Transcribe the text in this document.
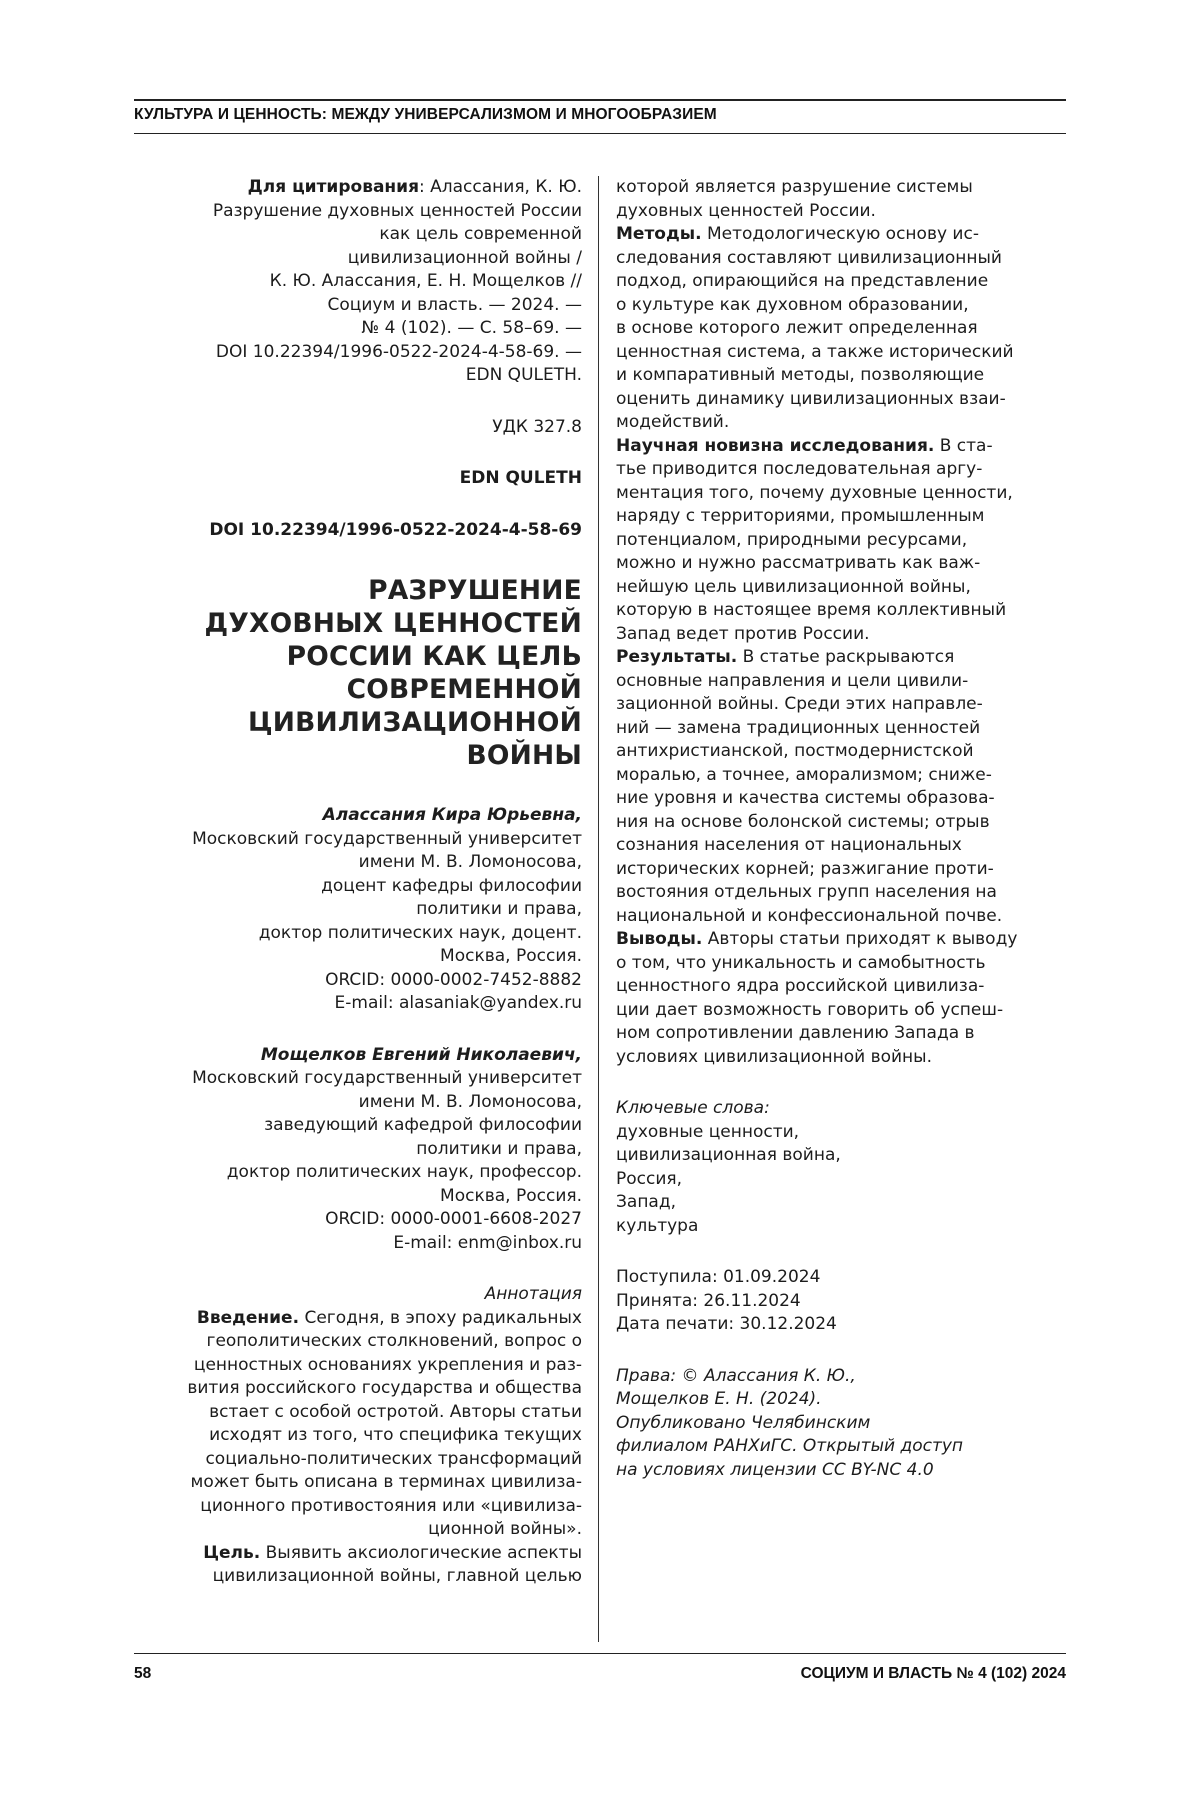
КУЛЬТУРА И ЦЕННОСТЬ: МЕЖДУ УНИВЕРСАЛИЗМОМ И МНОГООБРАЗИЕМ
Для цитирования: Алассания, К. Ю.
Разрушение духовных ценностей России
как цель современной
цивилизационной войны /
К. Ю. Алассания, Е. Н. Мощелков //
Социум и власть. — 2024. —
№ 4 (102). — С. 58–69. —
DOI 10.22394/1996-0522-2024-4-58-69. —
EDN QULETH.
УДК 327.8
EDN QULETH
DOI 10.22394/1996-0522-2024-4-58-69
РАЗРУШЕНИЕ
ДУХОВНЫХ ЦЕННОСТЕЙ
РОССИИ КАК ЦЕЛЬ
СОВРЕМЕННОЙ
ЦИВИЛИЗАЦИОННОЙ
ВОЙНЫ
Алассания Кира Юрьевна,
Московский государственный университет
имени М. В. Ломоносова,
доцент кафедры философии
политики и права,
доктор политических наук, доцент.
Москва, Россия.
ORCID: 0000-0002-7452-8882
E-mail: alasaniak@yandex.ru
Мощелков Евгений Николаевич,
Московский государственный университет
имени М. В. Ломоносова,
заведующий кафедрой философии
политики и права,
доктор политических наук, профессор.
Москва, Россия.
ORCID: 0000-0001-6608-2027
E-mail: enm@inbox.ru
Аннотация
Введение. Сегодня, в эпоху радикальных
геополитических столкновений, вопрос о
ценностных основаниях укрепления и раз-
вития российского государства и общества
встает с особой остротой. Авторы статьи
исходят из того, что специфика текущих
социально-политических трансформаций
может быть описана в терминах цивилиза-
ционного противостояния или «цивилиза-
ционной войны».
Цель. Выявить аксиологические аспекты
цивилизационной войны, главной целью
которой является разрушение системы
духовных ценностей России.
Методы. Методологическую основу ис-
следования составляют цивилизационный
подход, опирающийся на представление
о культуре как духовном образовании,
в основе которого лежит определенная
ценностная система, а также исторический
и компаративный методы, позволяющие
оценить динамику цивилизационных взаи-
модействий.
Научная новизна исследования. В ста-
тье приводится последовательная аргу-
ментация того, почему духовные ценности,
наряду с территориями, промышленным
потенциалом, природными ресурсами,
можно и нужно рассматривать как важ-
нейшую цель цивилизационной войны,
которую в настоящее время коллективный
Запад ведет против России.
Результаты. В статье раскрываются
основные направления и цели цивили-
зационной войны. Среди этих направле-
ний — замена традиционных ценностей
антихристианской, постмодернистской
моралью, а точнее, аморализмом; сниже-
ние уровня и качества системы образова-
ния на основе болонской системы; отрыв
сознания населения от национальных
исторических корней; разжигание проти-
востояния отдельных групп населения на
национальной и конфессиональной почве.
Выводы. Авторы статьи приходят к выводу
о том, что уникальность и самобытность
ценностного ядра российской цивилиза-
ции дает возможность говорить об успеш-
ном сопротивлении давлению Запада в
условиях цивилизационной войны.
Ключевые слова:
духовные ценности,
цивилизационная война,
Россия,
Запад,
культура
Поступила: 01.09.2024
Принята: 26.11.2024
Дата печати: 30.12.2024
Права: © Алассания К. Ю.,
Мощелков Е. Н. (2024).
Опубликовано Челябинским
филиалом РАНХиГС. Открытый доступ
на условиях лицензии CC BY-NC 4.0
58	СОЦИУМ И ВЛАСТЬ № 4 (102) 2024
